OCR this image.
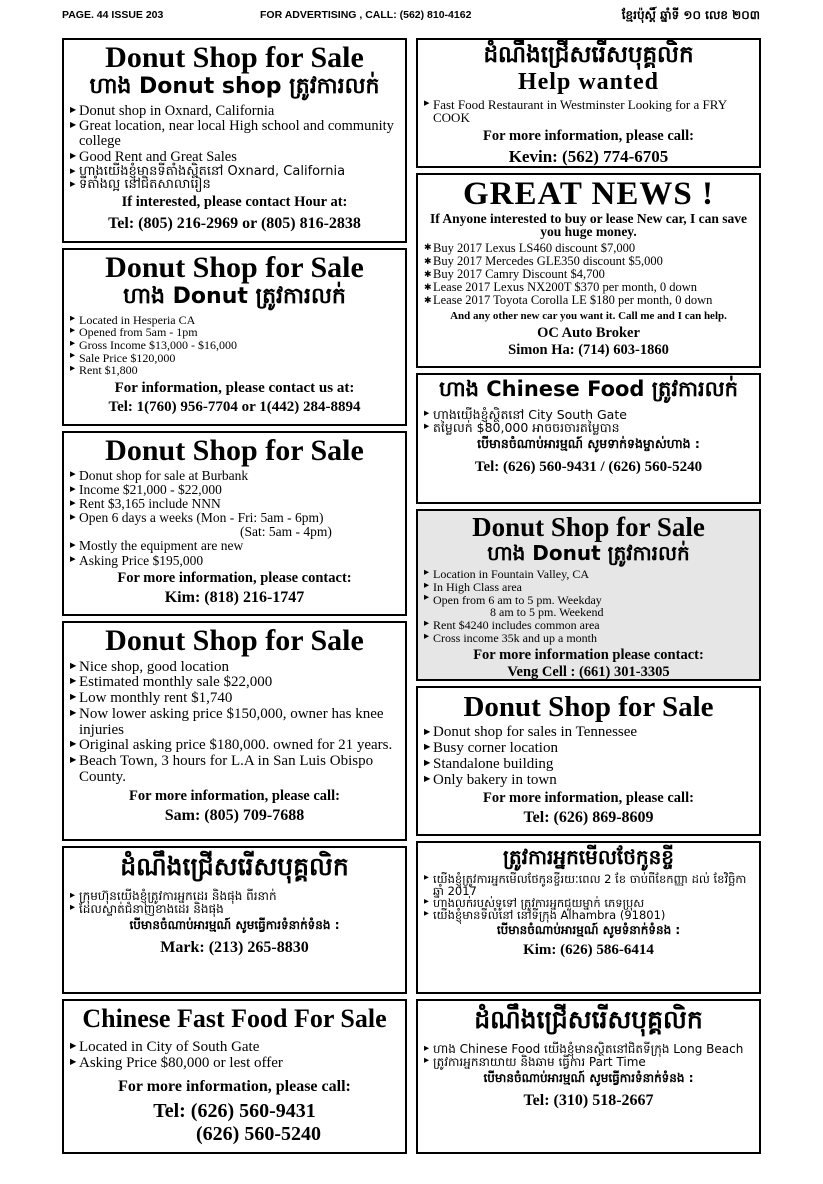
PAGE. 44 ISSUE 203	FOR ADVERTISING , CALL: (562) 810-4162	ខ្មែរប៉ុស្តិ៍ ឆ្នាំទី ១០ លេខ ២០៣
Donut Shop for Sale
ហាង Donut shop ត្រូវការលក់
▶ Donut shop in Oxnard, California
▶ Great location, near local High school and community college
▶ Good Rent and Great Sales
▶ ហាងយើងខ្ញុំមានទីតាំងស្ថិតនៅ Oxnard, California
▶ ទីតាំងល្អ នៅជិតសាលារៀន
If interested, please contact Hour at:
Tel: (805) 216-2969 or (805) 816-2838
Donut Shop for Sale
ហាង Donut ត្រូវការលក់
▶ Located in Hesperia CA
▶ Opened from 5am - 1pm
▶ Gross Income $13,000 - $16,000
▶ Sale Price $120,000
▶ Rent $1,800
For information, please contact us at:
Tel: 1(760) 956-7704 or 1(442) 284-8894
Donut Shop for Sale
▶ Donut shop for sale at Burbank
▶ Income $21,000 - $22,000
▶ Rent $3,165 include NNN
▶ Open 6 days a weeks (Mon - Fri: 5am - 6pm)
(Sat: 5am - 4pm)
▶ Mostly the equipment are new
▶ Asking Price $195,000
For more information, please contact:
Kim: (818) 216-1747
Donut Shop for Sale
▶ Nice shop, good location
▶ Estimated monthly sale $22,000
▶ Low monthly rent $1,740
▶ Now lower asking price $150,000, owner has knee injuries
▶ Original asking price $180,000. owned for 21 years.
▶ Beach Town, 3 hours for L.A in San Luis Obispo County.
For more information, please call:
Sam: (805) 709-7688
ដំណឹងជ្រើសរើសបុគ្គលិក
▶ ក្រុមហ៊ុនយើងខ្ញុំត្រូវការអ្នកដេរ និងផុង ពីរនាក់
▶ ដែលស្ទាត់ជំនាញខាងដេរ និងផុង
បើមានចំណាប់អារម្មណ៍ សូមធ្វើការទំនាក់ទំនង :
Mark: (213) 265-8830
Chinese Fast Food For Sale
▶ Located in City of South Gate
▶ Asking Price $80,000 or lest offer
For more information, please call:
Tel: (626) 560-9431
(626) 560-5240
ដំណឹងជ្រើសរើសបុគ្គលិក
Help wanted
▶ Fast Food Restaurant in Westminster Looking for a FRY COOK
For more information, please call:
Kevin: (562) 774-6705
GREAT NEWS !
If Anyone interested to buy or lease New car, I can save you huge money.
✱ Buy 2017 Lexus LS460 discount $7,000
✱ Buy 2017 Mercedes GLE350 discount $5,000
✱ Buy 2017 Camry Discount $4,700
✱ Lease 2017 Lexus NX200T $370 per month, 0 down
✱ Lease 2017 Toyota Corolla LE $180 per month, 0 down
And any other new car you want it. Call me and I can help.
OC Auto Broker
Simon Ha: (714) 603-1860
ហាង Chinese Food ត្រូវការលក់
▶ ហាងយើងខ្ញុំស្ថិតនៅ City South Gate
▶ តម្លៃលក់ $80,000 អាចចរចារតម្លៃបាន
បើមានចំណាប់អារម្មណ៍ សូមទាក់ទងម្ចាស់ហាង :
Tel: (626) 560-9431 / (626) 560-5240
Donut Shop for Sale
ហាង Donut ត្រូវការលក់
▶ Location in Fountain Valley, CA
▶ In High Class area
▶ Open from 6 am to 5 pm. Weekday
8 am to 5 pm. Weekend
▶ Rent $4240 includes common area
▶ Cross income 35k and up a month
For more information please contact:
Veng Cell : (661) 301-3305
Donut Shop for Sale
▶ Donut shop for sales in Tennessee
▶ Busy corner location
▶ Standalone building
▶ Only bakery in town
For more information, please call:
Tel: (626) 869-8609
ត្រូវការអ្នកមើលថែកូនខ្ចី
▶ យើងខ្ញុំត្រូវការអ្នកមើលថែកូនខ្ចីរយៈពេល 2 ខែ ចាប់ពីខែកញ្ញា ដល់ ខែវិច្ឆិកា ឆ្នាំ 2017
▶ ហាងលក់របស់ទូទៅ ត្រូវការអ្នកជួយម្នាក់ ភេទប្រុស
▶ យើងខ្ញុំមានទីលំនៅ នៅទីក្រុង Alhambra (91801)
បើមានចំណាប់អារម្មណ៍ សូមទំនាក់ទំនង :
Kim: (626) 586-6414
ដំណឹងជ្រើសរើសបុគ្គលិក
▶ ហាង Chinese Food យើងខ្ញុំមានស្ថិតនៅជិតទីក្រុង Long Beach
▶ ត្រូវការអ្នកនាយាយ និងឆាម ធ្វើការ Part Time
បើមានចំណាប់អារម្មណ៍ សូមធ្វើការទំនាក់ទំនង :
Tel: (310) 518-2667
